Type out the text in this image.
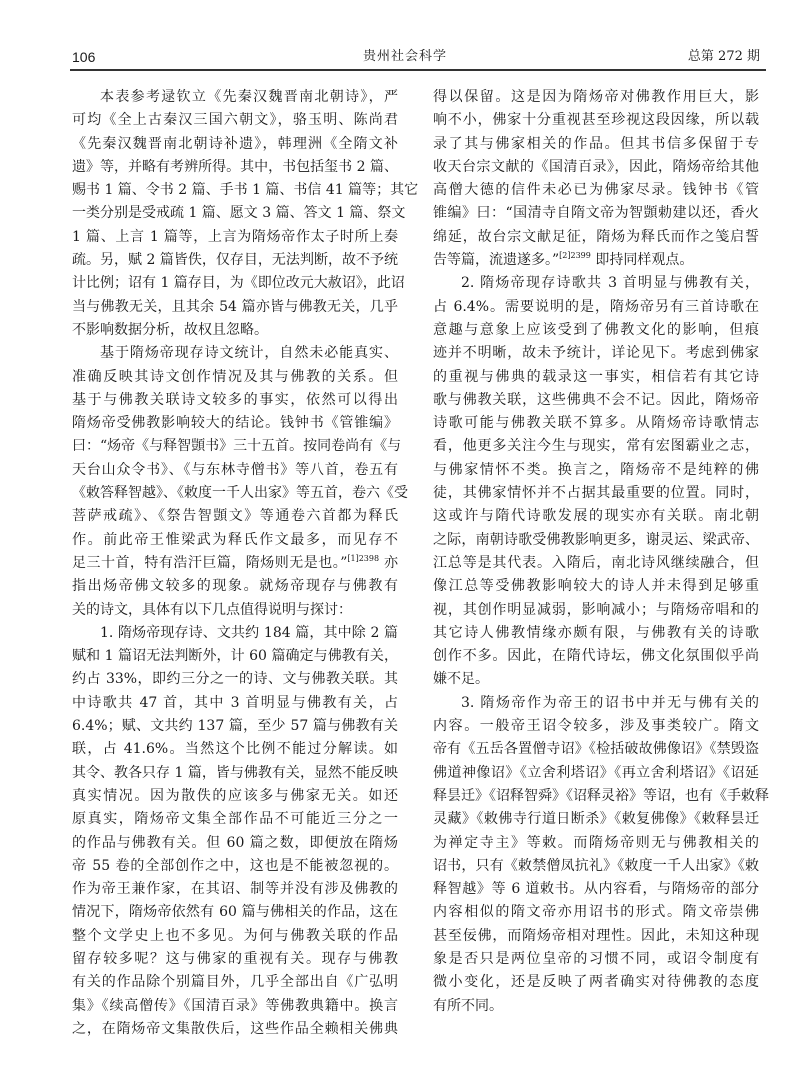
106	贵州社会科学	总第 272 期
本表参考逯钦立《先秦汉魏晋南北朝诗》，严
可均《全上古秦汉三国六朝文》，骆玉明、陈尚君
《先秦汉魏晋南北朝诗补遗》，韩理洲《全隋文补
遗》等，并略有考辨所得。其中，书包括玺书 2 篇、
赐书 1 篇、令书 2 篇、手书 1 篇、书信 41 篇等；其它
一类分别是受戒疏 1 篇、愿文 3 篇、答文 1 篇、祭文
1 篇、上言 1 篇等，上言为隋炀帝作太子时所上奏
疏。另，赋 2 篇皆佚，仅存目，无法判断，故不予统
计比例；诏有 1 篇存目，为《即位改元大赦诏》，此诏
当与佛教无关，且其余 54 篇亦皆与佛教无关，几乎
不影响数据分析，故权且忽略。
基于隋炀帝现存诗文统计，自然未必能真实、
准确反映其诗文创作情况及其与佛教的关系。但
基于与佛教关联诗文较多的事实，依然可以得出
隋炀帝受佛教影响较大的结论。钱钟书《管锥编》
曰：“炀帝《与释智顗书》三十五首。按同卷尚有《与
天台山众令书》、《与东林寺僧书》等八首，卷五有
《敕答释智越》、《敕度一千人出家》等五首，卷六《受
菩萨戒疏》、《祭告智顗文》等通卷六首都为释氏
作。前此帝王惟梁武为释氏作文最多，而见存不
足三十首，特有浩汗巨篇，隋炀则无是也。”$^{[1]2398}$ 亦
指出炀帝佛文较多的现象。就炀帝现存与佛教有
关的诗文，具体有以下几点值得说明与探讨：
1. 隋炀帝现存诗、文共约 184 篇，其中除 2 篇
赋和 1 篇诏无法判断外，计 60 篇确定与佛教有关，
约占 33%，即约三分之一的诗、文与佛教关联。其
中诗歌共 47 首，其中 3 首明显与佛教有关，占
6.4%；赋、文共约 137 篇，至少 57 篇与佛教有关
联，占 41.6%。当然这个比例不能过分解读。如
其令、教各只存 1 篇，皆与佛教有关，显然不能反映
真实情况。因为散佚的应该多与佛家无关。如还
原真实，隋炀帝文集全部作品不可能近三分之一
的作品与佛教有关。但 60 篇之数，即便放在隋炀
帝 55 卷的全部创作之中，这也是不能被忽视的。
作为帝王兼作家，在其诏、制等并没有涉及佛教的
情况下，隋炀帝依然有 60 篇与佛相关的作品，这在
整个文学史上也不多见。为何与佛教关联的作品
留存较多呢？这与佛家的重视有关。现存与佛教
有关的作品除个别篇目外，几乎全部出自《广弘明
集》《续高僧传》《国清百录》等佛教典籍中。换言
之，在隋炀帝文集散佚后，这些作品全赖相关佛典
得以保留。这是因为隋炀帝对佛教作用巨大，影
响不小，佛家十分重视甚至珍视这段因缘，所以载
录了其与佛家相关的作品。但其书信多保留于专
收天台宗文献的《国清百录》，因此，隋炀帝给其他
高僧大德的信件未必已为佛家尽录。钱钟书《管
锥编》曰：“国清寺自隋文帝为智顗勅建以还，香火
绵延，故台宗文献足征，隋炀为释氏而作之笺启誓
告等篇，流遗遂多。”$^{[2]2399}$ 即持同样观点。
2. 隋炀帝现存诗歌共 3 首明显与佛教有关，
占 6.4%。需要说明的是，隋炀帝另有三首诗歌在
意趣与意象上应该受到了佛教文化的影响，但痕
迹并不明晰，故未予统计，详论见下。考虑到佛家
的重视与佛典的载录这一事实，相信若有其它诗
歌与佛教关联，这些佛典不会不记。因此，隋炀帝
诗歌可能与佛教关联不算多。从隋炀帝诗歌情志
看，他更多关注今生与现实，常有宏图霸业之志，
与佛家情怀不类。换言之，隋炀帝不是纯粹的佛
徒，其佛家情怀并不占据其最重要的位置。同时，
这或许与隋代诗歌发展的现实亦有关联。南北朝
之际，南朝诗歌受佛教影响更多，谢灵运、梁武帝、
江总等是其代表。入隋后，南北诗风继续融合，但
像江总等受佛教影响较大的诗人并未得到足够重
视，其创作明显减弱，影响减小；与隋炀帝唱和的
其它诗人佛教情缘亦颇有限，与佛教有关的诗歌
创作不多。因此，在隋代诗坛，佛文化氛围似乎尚
嫌不足。
3. 隋炀帝作为帝王的诏书中并无与佛有关的
内容。一般帝王诏令较多，涉及事类较广。隋文
帝有《五岳各置僧寺诏》《检括破故佛像诏》《禁毁盗
佛道神像诏》《立舍利塔诏》《再立舍利塔诏》《诏延
释昙迁》《诏释智舜》《诏释灵裕》等诏，也有《手敕释
灵藏》《敕佛寺行道日断杀》《敕复佛像》《敕释昙迁
为禅定寺主》等敕。而隋炀帝则无与佛教相关的
诏书，只有《敕禁僧凤抗礼》《敕度一千人出家》《敕
释智越》等 6 道敕书。从内容看，与隋炀帝的部分
内容相似的隋文帝亦用诏书的形式。隋文帝崇佛
甚至佞佛，而隋炀帝相对理性。因此，未知这种现
象是否只是两位皇帝的习惯不同，或诏令制度有
微小变化，还是反映了两者确实对待佛教的态度
有所不同。
